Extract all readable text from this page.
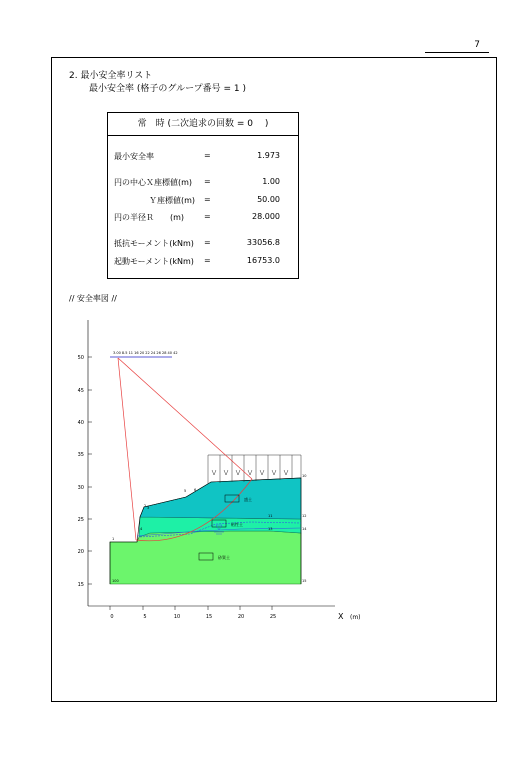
7
2. 最小安全率リスト
最小安全率 (格子のグループ番号 = 1 )
常　時 (二次追求の回数 = 0　 )
最小安全率	=	1.973
円の中心Ｘ座標値(m) =	1.00
Ｙ座標値(m) =	50.00
円の半径Ｒ　　(m) =	28.000
抵抗モーメント(kNm) =	33056.8
起動モーメント(kNm) =	16753.0
// 安全率図 //
3.00 8.5 11 16 20 22 24 26 28 40 42
盛土
粘性土
砂質土
5 6
2 3
4
11
13
1
12
14
15
100
10
50
45
40
35
30
25
20
15
0	5	10	15	20	25	X (m)
